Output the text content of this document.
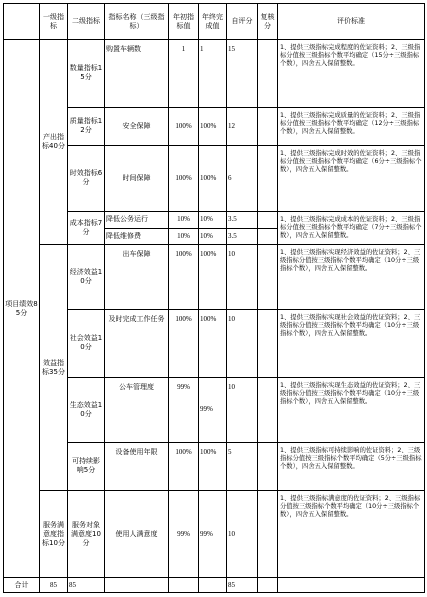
	一级指标	二级指标	指标名称（三级指标）	年初指标值	年终完成值	自评分	复核分	评价标准
项目绩效85分	产出指标40分	数量指标15分	购置车辆数	1	1	15		1、提供三级指标完成程度的佐证资料；2、三级指标分值按三级指标个数平均确定（15分÷三级指标个数），四舍五入保留整数。
		质量指标12分	安全保障	100%	100%	12		1、提供三级指标完成质量的佐证资料；2、三级指标分值按三级指标个数平均确定（12分÷三级指标个数），四舍五入保留整数。
		时效指标6分	时间保障	100%	100%	6		1、提供三级指标完成时效的佐证资料；2、三级指标分值按三级指标个数平均确定（6分÷三级指标个数），四舍五入保留整数。
		成本指标7分	降低公务运行	10%	10%	3.5		1、提供三级指标完成成本的佐证资料；2、三级指标分值按三级指标个数平均确定（7分÷三级指标个数），四舍五入保留整数。
			降低维修费	10%	10%	3.5		
	效益指标35分	经济效益10分	出车保障	100%	100%	10		1、提供三级指标实现经济效益的佐证资料；2、三级指标分值按三级指标个数平均确定（10分÷三级指标个数），四舍五入保留整数。
		社会效益10分	及时完成工作任务	100%	100%	10		1、提供三级指标实现社会效益的佐证资料；2、三级指标分值按三级指标个数平均确定（10分÷三级指标个数），四舍五入保留整数。
		生态效益10分	公车管理度	99%	99%	10		1、提供三级指标实现生态效益的佐证资料；2、三级指标分值按三级指标个数平均确定（10分÷三级指标个数），四舍五入保留整数。
		可持续影响5分	设备使用年限	100%	100%	5		1、提供三级指标可持续影响的佐证资料；2、三级指标分值按三级指标个数平均确定（5分÷三级指标个数），四舍五入保留整数。
	服务满意度指标10分	服务对象满意度10分	使用人满意度	99%	99%	10		1、提供三级指标满意度的佐证资料；2、三级指标分值按三级指标个数平均确定（10分÷三级指标个数），四舍五入保留整数。
合计	85	85				85		
